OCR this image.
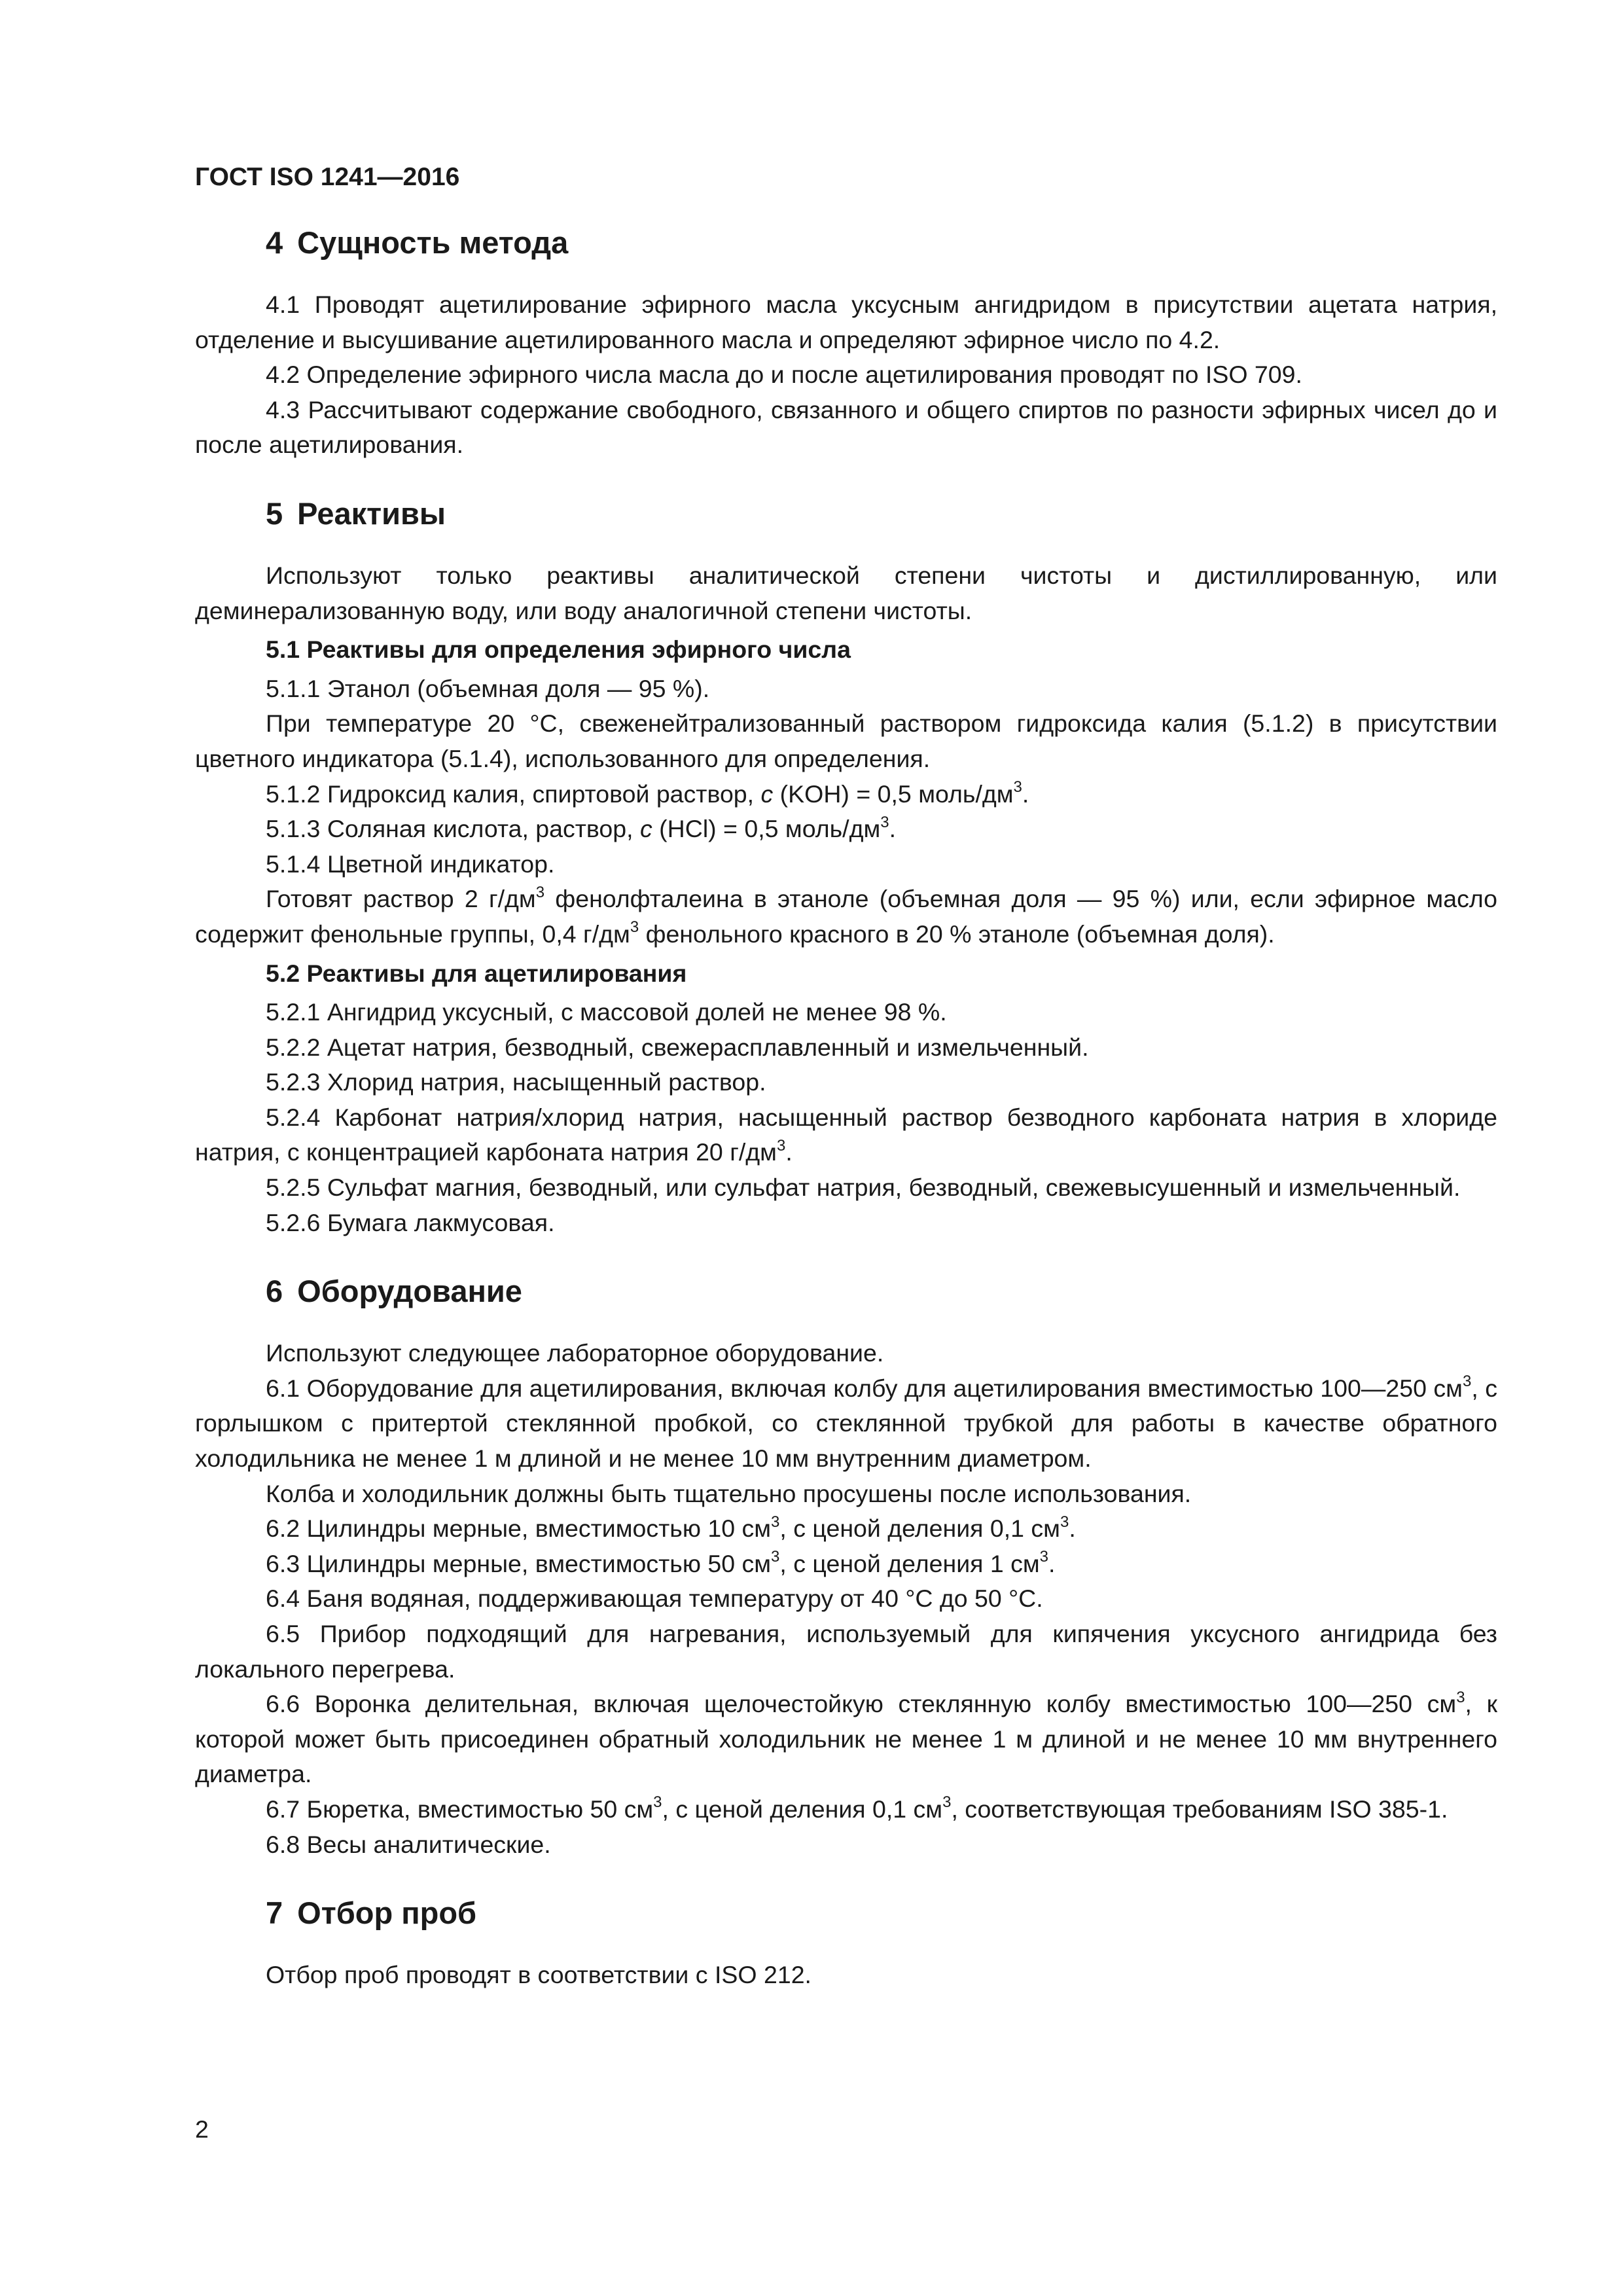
ГОСТ ISO 1241—2016
4 Сущность метода

4.1 Проводят ацетилирование эфирного масла уксусным ангидридом в присутствии ацетата натрия, отделение и высушивание ацетилированного масла и определяют эфирное число по 4.2.

4.2 Определение эфирного числа масла до и после ацетилирования проводят по ISO 709.

4.3 Рассчитывают содержание свободного, связанного и общего спиртов по разности эфирных чисел до и после ацетилирования.

5 Реактивы

Используют только реактивы аналитической степени чистоты и дистиллированную, или деминерализованную воду, или воду аналогичной степени чистоты.

5.1 Реактивы для определения эфирного числа

5.1.1 Этанол (объемная доля — 95 %).

При температуре 20 °C, свеженейтрализованный раствором гидроксида калия (5.1.2) в присутствии цветного индикатора (5.1.4), использованного для определения.

5.1.2 Гидроксид калия, спиртовой раствор, c (KOH) = 0,5 моль/$дм^3$.

5.1.3 Соляная кислота, раствор, c (HCl) = 0,5 моль/$дм^3$.

5.1.4 Цветной индикатор.

Готовят раствор 2 $г/дм^3$ фенолфталеина в этаноле (объемная доля — 95 %) или, если эфирное масло содержит фенольные группы, 0,4 $г/дм^3$ фенольного красного в 20 % этаноле (объемная доля).

5.2 Реактивы для ацетилирования

5.2.1 Ангидрид уксусный, с массовой долей не менее 98 %.

5.2.2 Ацетат натрия, безводный, свежерасплавленный и измельченный.

5.2.3 Хлорид натрия, насыщенный раствор.

5.2.4 Карбонат натрия/хлорид натрия, насыщенный раствор безводного карбоната натрия в хлориде натрия, с концентрацией карбоната натрия 20 $г/дм^3$.

5.2.5 Сульфат магния, безводный, или сульфат натрия, безводный, свежевысушенный и измельченный.

5.2.6 Бумага лакмусовая.

6 Оборудование

Используют следующее лабораторное оборудование.

6.1 Оборудование для ацетилирования, включая колбу для ацетилирования вместимостью 100—250 $см^3$, с горлышком с притертой стеклянной пробкой, со стеклянной трубкой для работы в качестве обратного холодильника не менее 1 м длиной и не менее 10 мм внутренним диаметром.

Колба и холодильник должны быть тщательно просушены после использования.

6.2 Цилиндры мерные, вместимостью 10 $см^3$, с ценой деления 0,1 $см^3$.

6.3 Цилиндры мерные, вместимостью 50 $см^3$, с ценой деления 1 $см^3$.

6.4 Баня водяная, поддерживающая температуру от 40 °C до 50 °C.

6.5 Прибор подходящий для нагревания, используемый для кипячения уксусного ангидрида без локального перегрева.

6.6 Воронка делительная, включая щелочестойкую стеклянную колбу вместимостью 100—250 $см^3$, к которой может быть присоединен обратный холодильник не менее 1 м длиной и не менее 10 мм внутреннего диаметра.

6.7 Бюретка, вместимостью 50 $см^3$, с ценой деления 0,1 $см^3$, соответствующая требованиям ISO 385-1.

6.8 Весы аналитические.

7 Отбор проб

Отбор проб проводят в соответствии с ISO 212.

2
